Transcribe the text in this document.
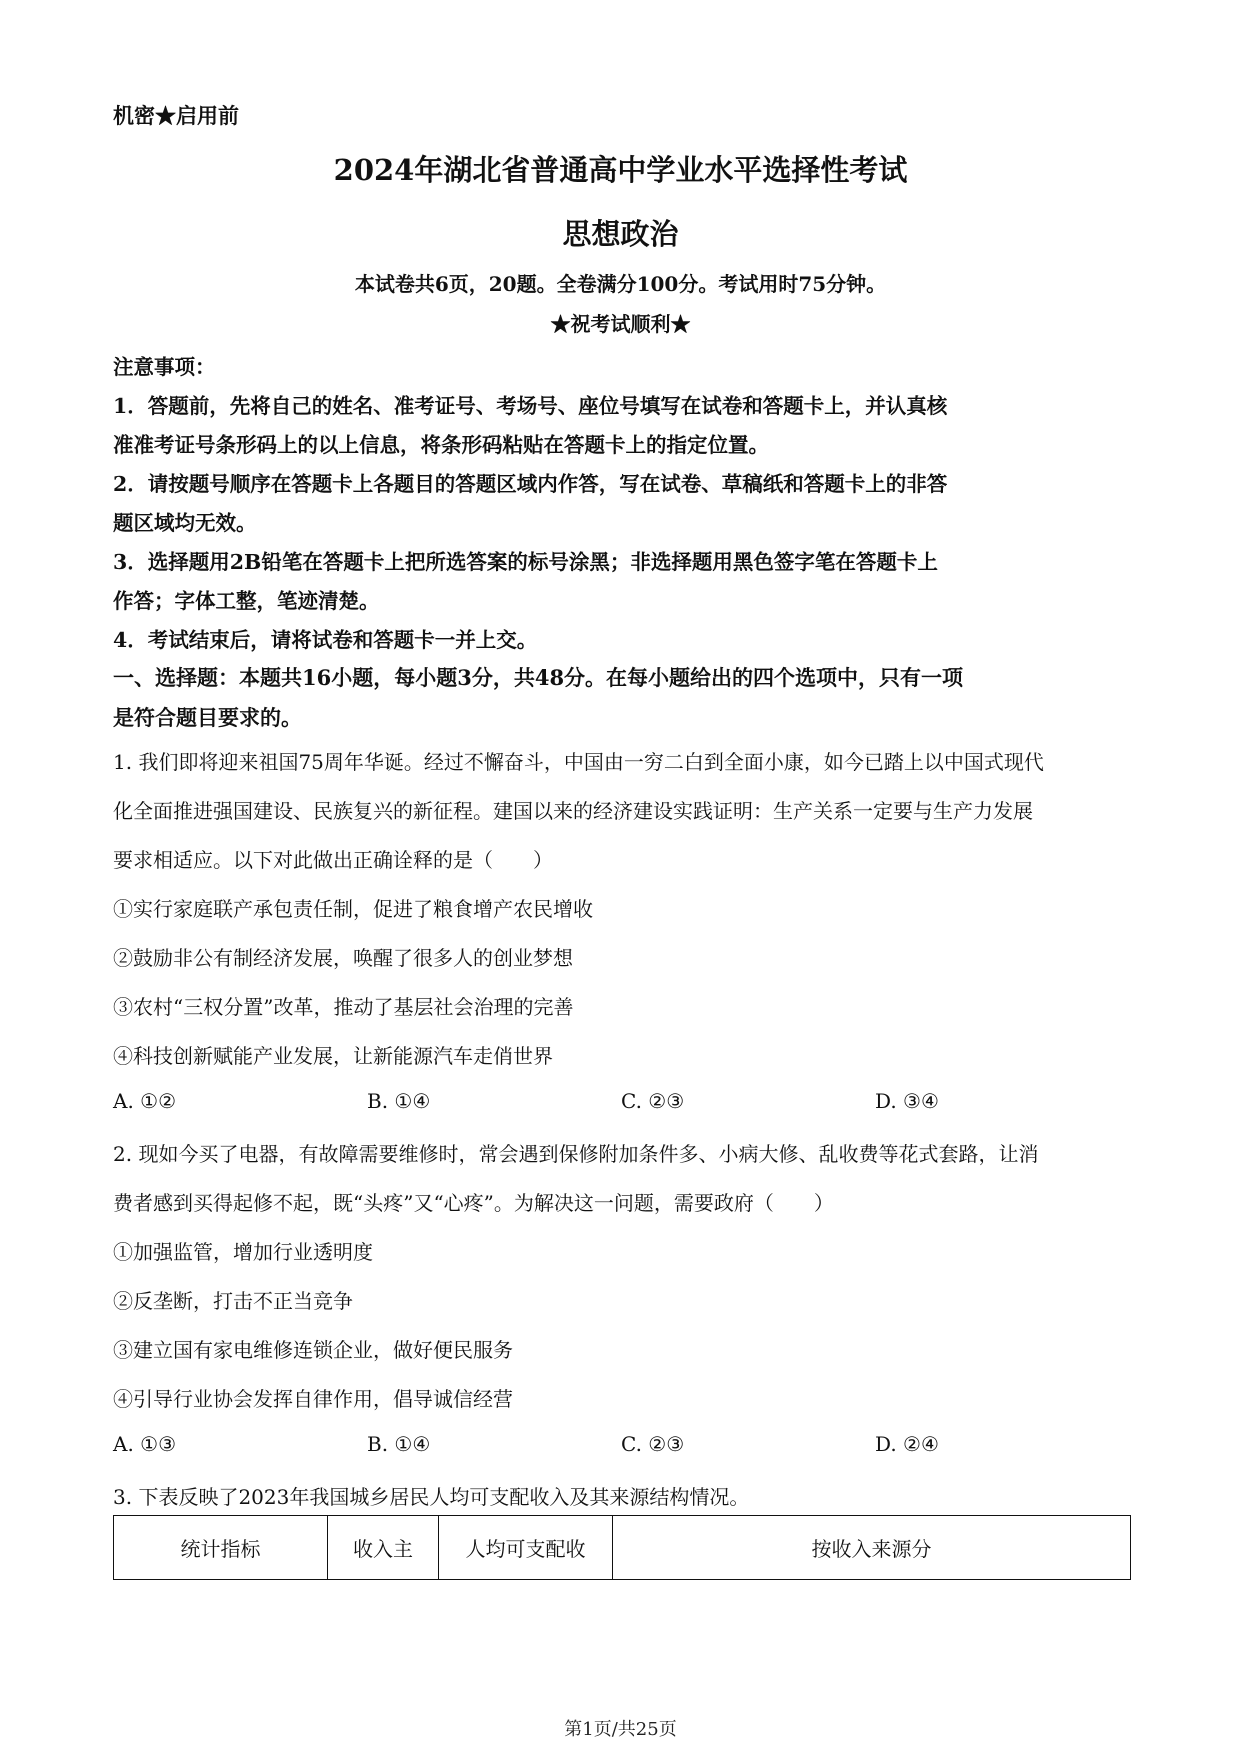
机密★启用前
2024年湖北省普通高中学业水平选择性考试
思想政治
本试卷共6页，20题。全卷满分100分。考试用时75分钟。
★祝考试顺利★
注意事项：
1．答题前，先将自己的姓名、准考证号、考场号、座位号填写在试卷和答题卡上，并认真核
准准考证号条形码上的以上信息，将条形码粘贴在答题卡上的指定位置。
2．请按题号顺序在答题卡上各题目的答题区域内作答，写在试卷、草稿纸和答题卡上的非答
题区域均无效。
3．选择题用2B铅笔在答题卡上把所选答案的标号涂黑；非选择题用黑色签字笔在答题卡上
作答；字体工整，笔迹清楚。
4．考试结束后，请将试卷和答题卡一并上交。
一、选择题：本题共16小题，每小题3分，共48分。在每小题给出的四个选项中，只有一项
是符合题目要求的。
1. 我们即将迎来祖国75周年华诞。经过不懈奋斗，中国由一穷二白到全面小康，如今已踏上以中国式现代
化全面推进强国建设、民族复兴的新征程。建国以来的经济建设实践证明：生产关系一定要与生产力发展
要求相适应。以下对此做出正确诠释的是（　　）
①实行家庭联产承包责任制，促进了粮食增产农民增收
②鼓励非公有制经济发展，唤醒了很多人的创业梦想
③农村“三权分置”改革，推动了基层社会治理的完善
④科技创新赋能产业发展，让新能源汽车走俏世界
A. ①②	B. ①④	C. ②③	D. ③④
2. 现如今买了电器，有故障需要维修时，常会遇到保修附加条件多、小病大修、乱收费等花式套路，让消
费者感到买得起修不起，既“头疼”又“心疼”。为解决这一问题，需要政府（　　）
①加强监管，增加行业透明度
②反垄断，打击不正当竞争
③建立国有家电维修连锁企业，做好便民服务
④引导行业协会发挥自律作用，倡导诚信经营
A. ①③	B. ①④	C. ②③	D. ②④
3. 下表反映了2023年我国城乡居民人均可支配收入及其来源结构情况。
统计指标	收入主	人均可支配收	按收入来源分
第1页/共25页
